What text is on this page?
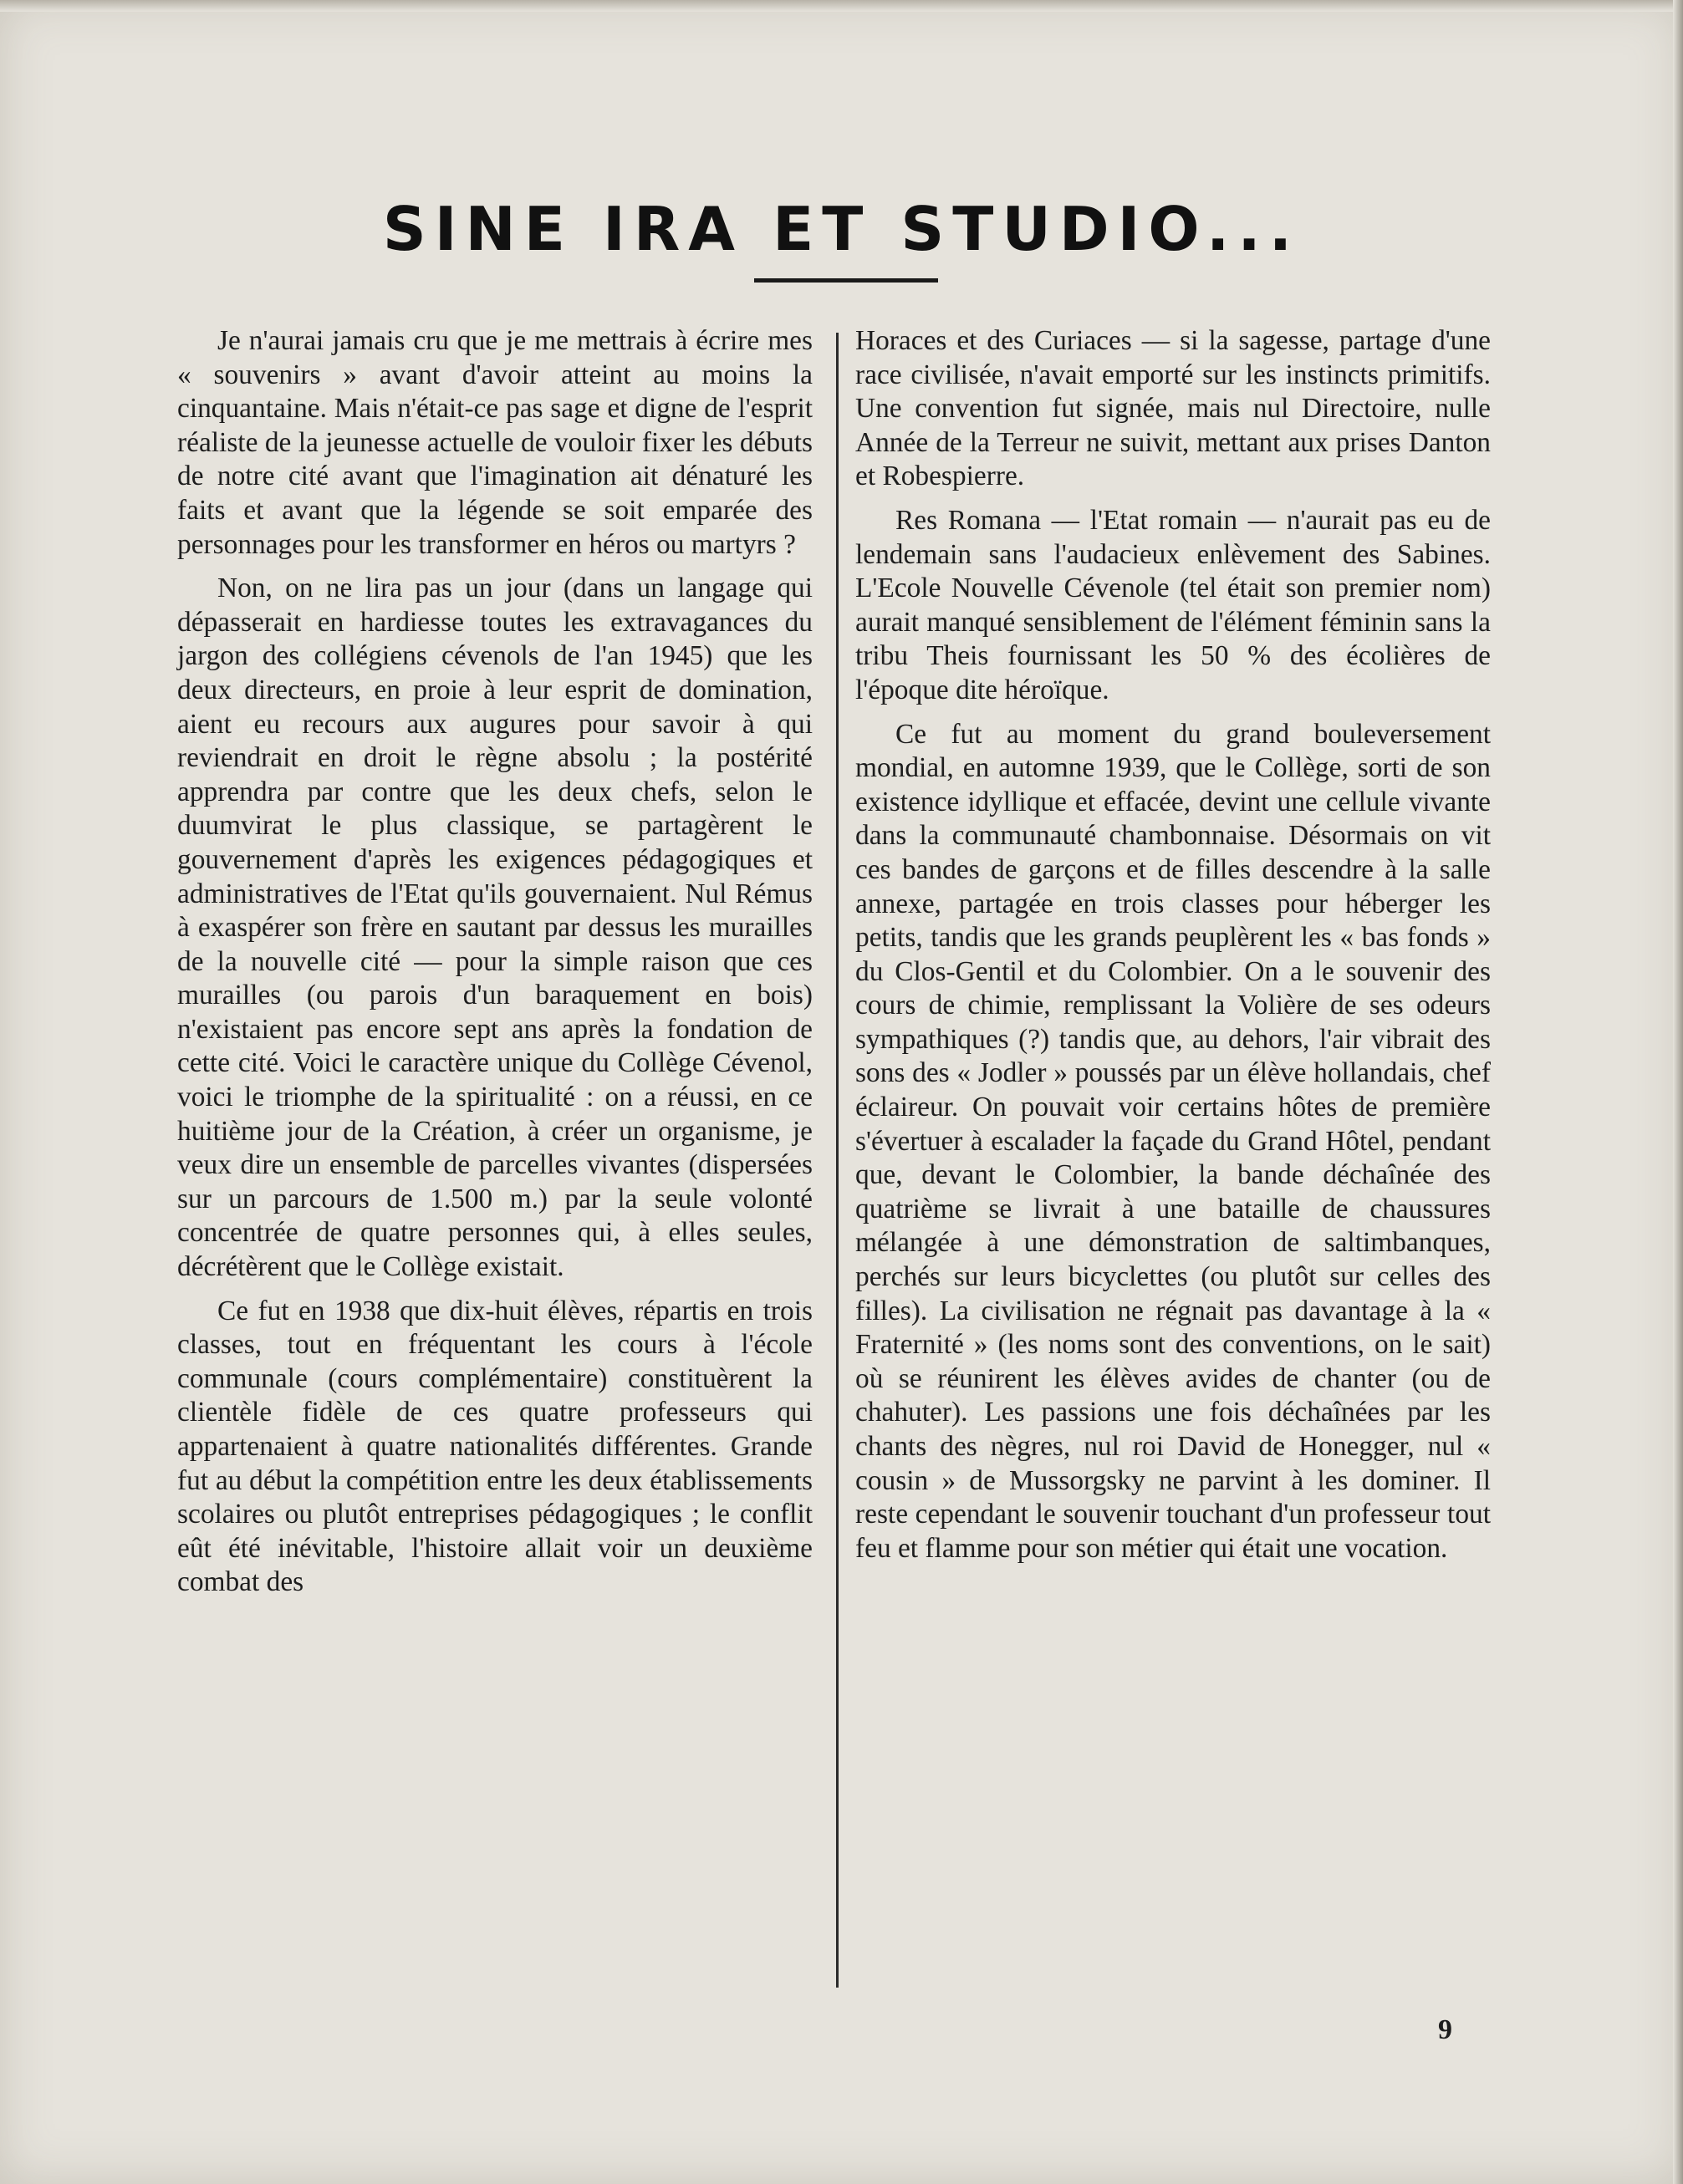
SINE IRA ET STUDIO...

Je n'aurai jamais cru que je me mettrais à écrire mes « souvenirs » avant d'avoir atteint au moins la cinquantaine. Mais n'était-ce pas sage et digne de l'esprit réaliste de la jeunesse actuelle de vouloir fixer les débuts de notre cité avant que l'imagination ait dénaturé les faits et avant que la légende se soit emparée des personnages pour les transformer en héros ou martyrs ?

Non, on ne lira pas un jour (dans un langage qui dépasserait en hardiesse toutes les extravagances du jargon des collégiens cévenols de l'an 1945) que les deux directeurs, en proie à leur esprit de domination, aient eu recours aux augures pour savoir à qui reviendrait en droit le règne absolu ; la postérité apprendra par contre que les deux chefs, selon le duumvirat le plus classique, se partagèrent le gouvernement d'après les exigences pédagogiques et administratives de l'Etat qu'ils gouvernaient. Nul Rémus à exaspérer son frère en sautant par dessus les murailles de la nouvelle cité — pour la simple raison que ces murailles (ou parois d'un baraquement en bois) n'existaient pas encore sept ans après la fondation de cette cité. Voici le caractère unique du Collège Cévenol, voici le triomphe de la spiritualité : on a réussi, en ce huitième jour de la Création, à créer un organisme, je veux dire un ensemble de parcelles vivantes (dispersées sur un parcours de 1.500 m.) par la seule volonté concentrée de quatre personnes qui, à elles seules, décrétèrent que le Collège existait.

Ce fut en 1938 que dix-huit élèves, répartis en trois classes, tout en fréquentant les cours à l'école communale (cours complémentaire) constituèrent la clientèle fidèle de ces quatre professeurs qui appartenaient à quatre nationalités différentes. Grande fut au début la compétition entre les deux établissements scolaires ou plutôt entreprises pédagogiques ; le conflit eût été inévitable, l'histoire allait voir un deuxième combat des

Horaces et des Curiaces — si la sagesse, partage d'une race civilisée, n'avait emporté sur les instincts primitifs. Une convention fut signée, mais nul Directoire, nulle Année de la Terreur ne suivit, mettant aux prises Danton et Robespierre.

Res Romana — l'Etat romain — n'aurait pas eu de lendemain sans l'audacieux enlèvement des Sabines. L'Ecole Nouvelle Cévenole (tel était son premier nom) aurait manqué sensiblement de l'élément féminin sans la tribu Theis fournissant les 50 % des écolières de l'époque dite héroïque.

Ce fut au moment du grand bouleversement mondial, en automne 1939, que le Collège, sorti de son existence idyllique et effacée, devint une cellule vivante dans la communauté chambonnaise. Désormais on vit ces bandes de garçons et de filles descendre à la salle annexe, partagée en trois classes pour héberger les petits, tandis que les grands peuplèrent les « bas fonds » du Clos-Gentil et du Colombier. On a le souvenir des cours de chimie, remplissant la Volière de ses odeurs sympathiques (?) tandis que, au dehors, l'air vibrait des sons des « Jodler » poussés par un élève hollandais, chef éclaireur. On pouvait voir certains hôtes de première s'évertuer à escalader la façade du Grand Hôtel, pendant que, devant le Colombier, la bande déchaînée des quatrième se livrait à une bataille de chaussures mélangée à une démonstration de saltimbanques, perchés sur leurs bicyclettes (ou plutôt sur celles des filles). La civilisation ne régnait pas davantage à la « Fraternité » (les noms sont des conventions, on le sait) où se réunirent les élèves avides de chanter (ou de chahuter). Les passions une fois déchaînées par les chants des nègres, nul roi David de Honegger, nul « cousin » de Mussorgsky ne parvint à les dominer. Il reste cependant le souvenir touchant d'un professeur tout feu et flamme pour son métier qui était une vocation.

9
